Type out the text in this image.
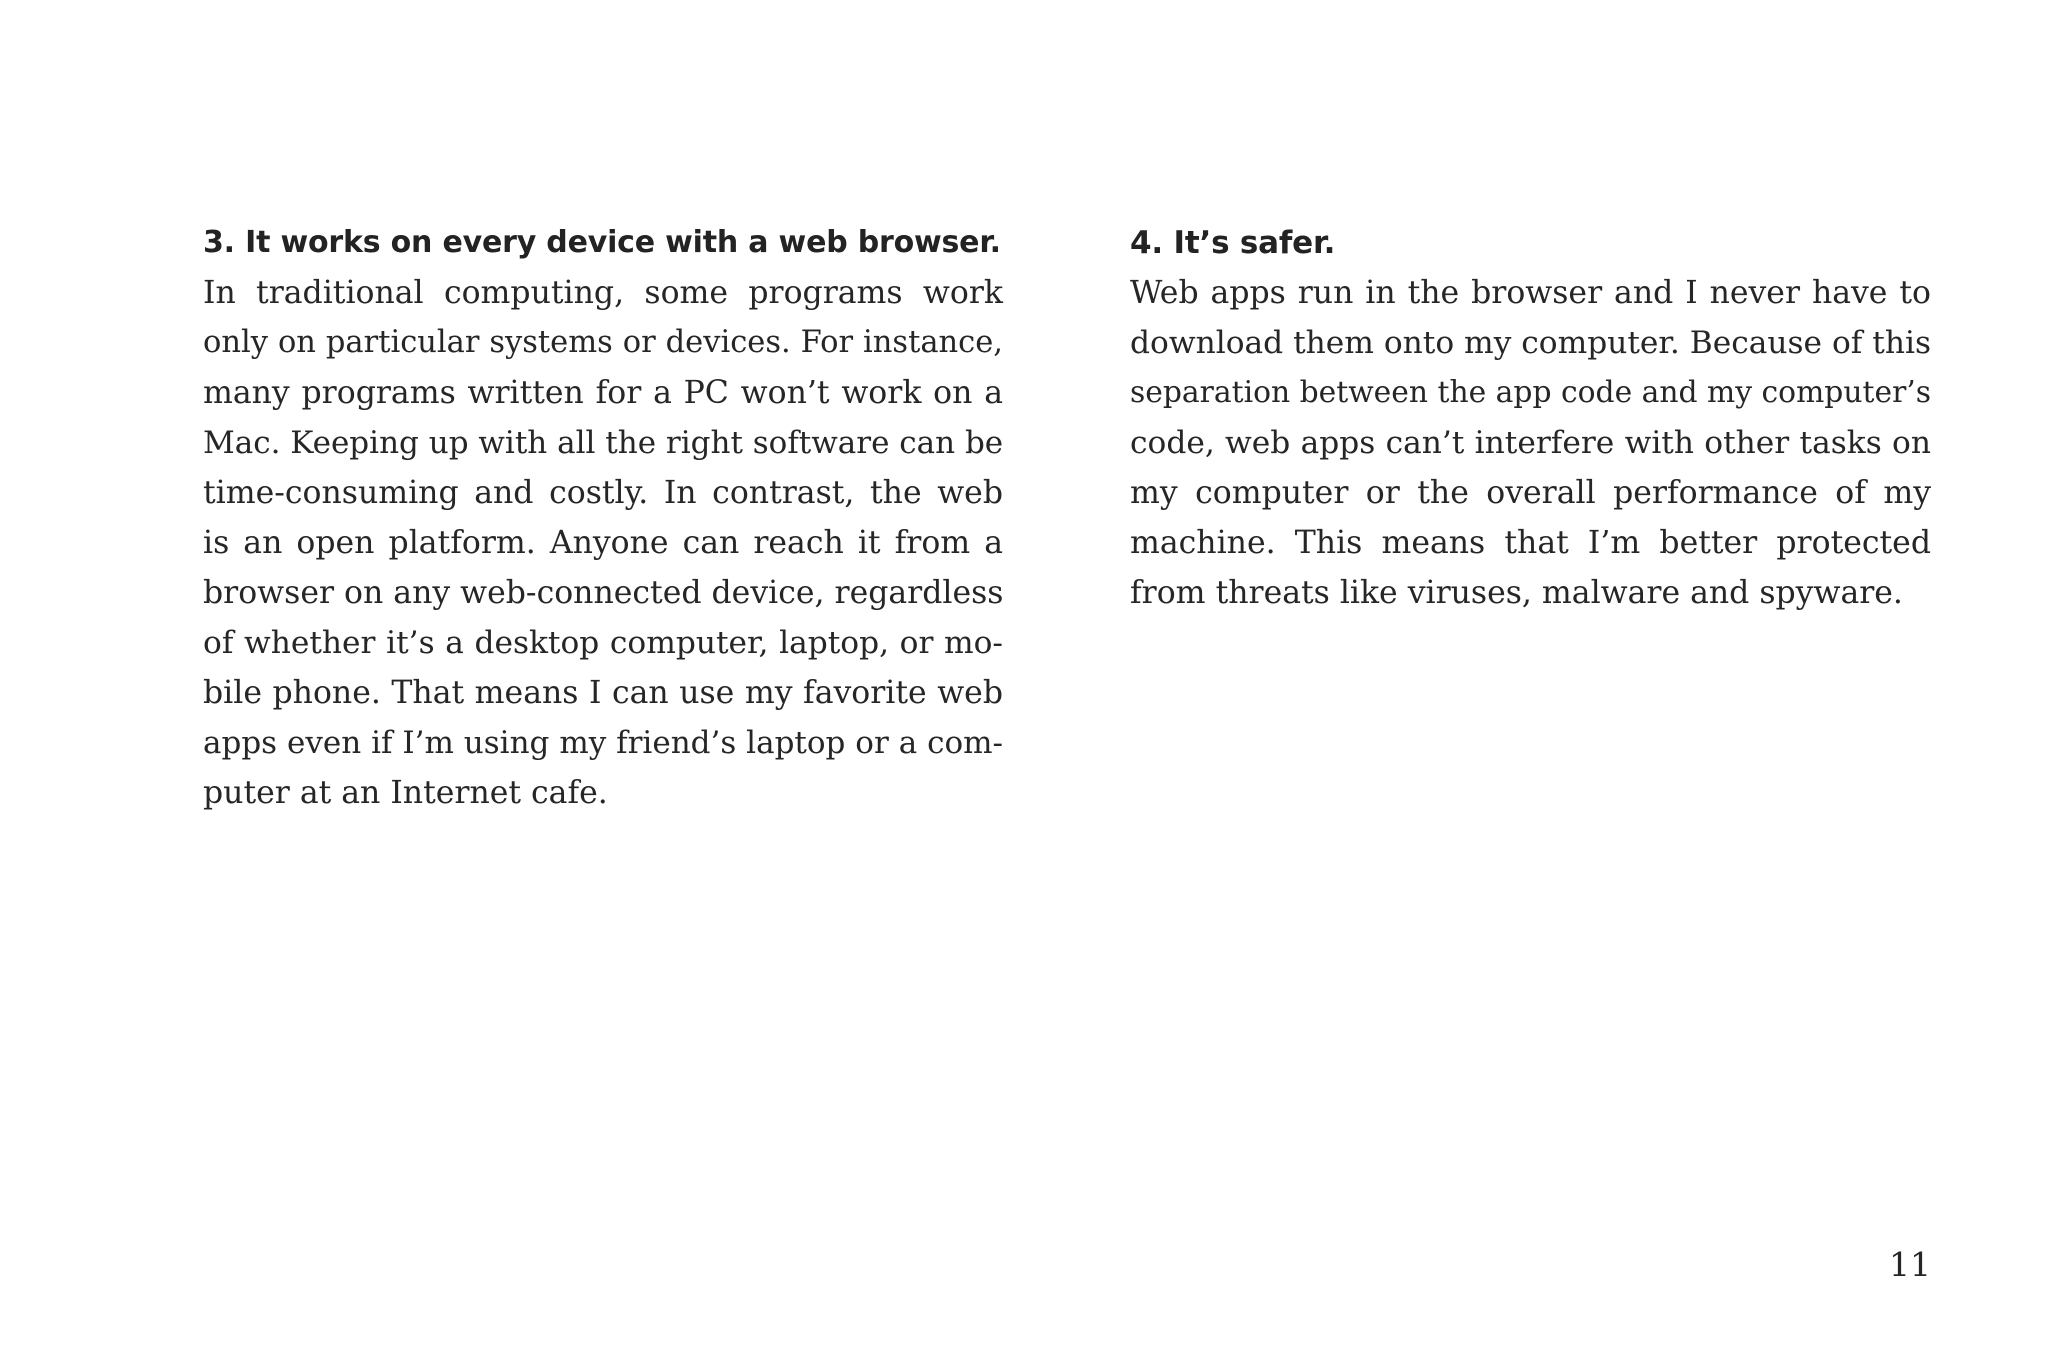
3. It works on every device with a web browser.

In traditional computing, some programs work
only on particular systems or devices. For instance,
many programs written for a PC won’t work on a
Mac. Keeping up with all the right software can be
time-consuming and costly. In contrast, the web
is an open platform. Anyone can reach it from a
browser on any web-connected device, regardless
of whether it’s a desktop computer, laptop, or mo-
bile phone. That means I can use my favorite web
apps even if I’m using my friend’s laptop or a com-
puter at an Internet cafe.

4. It’s safer.

Web apps run in the browser and I never have to
download them onto my computer. Because of this
separation between the app code and my computer’s
code, web apps can’t interfere with other tasks on
my computer or the overall performance of my
machine. This means that I’m better protected
from threats like viruses, malware and spyware.

11
